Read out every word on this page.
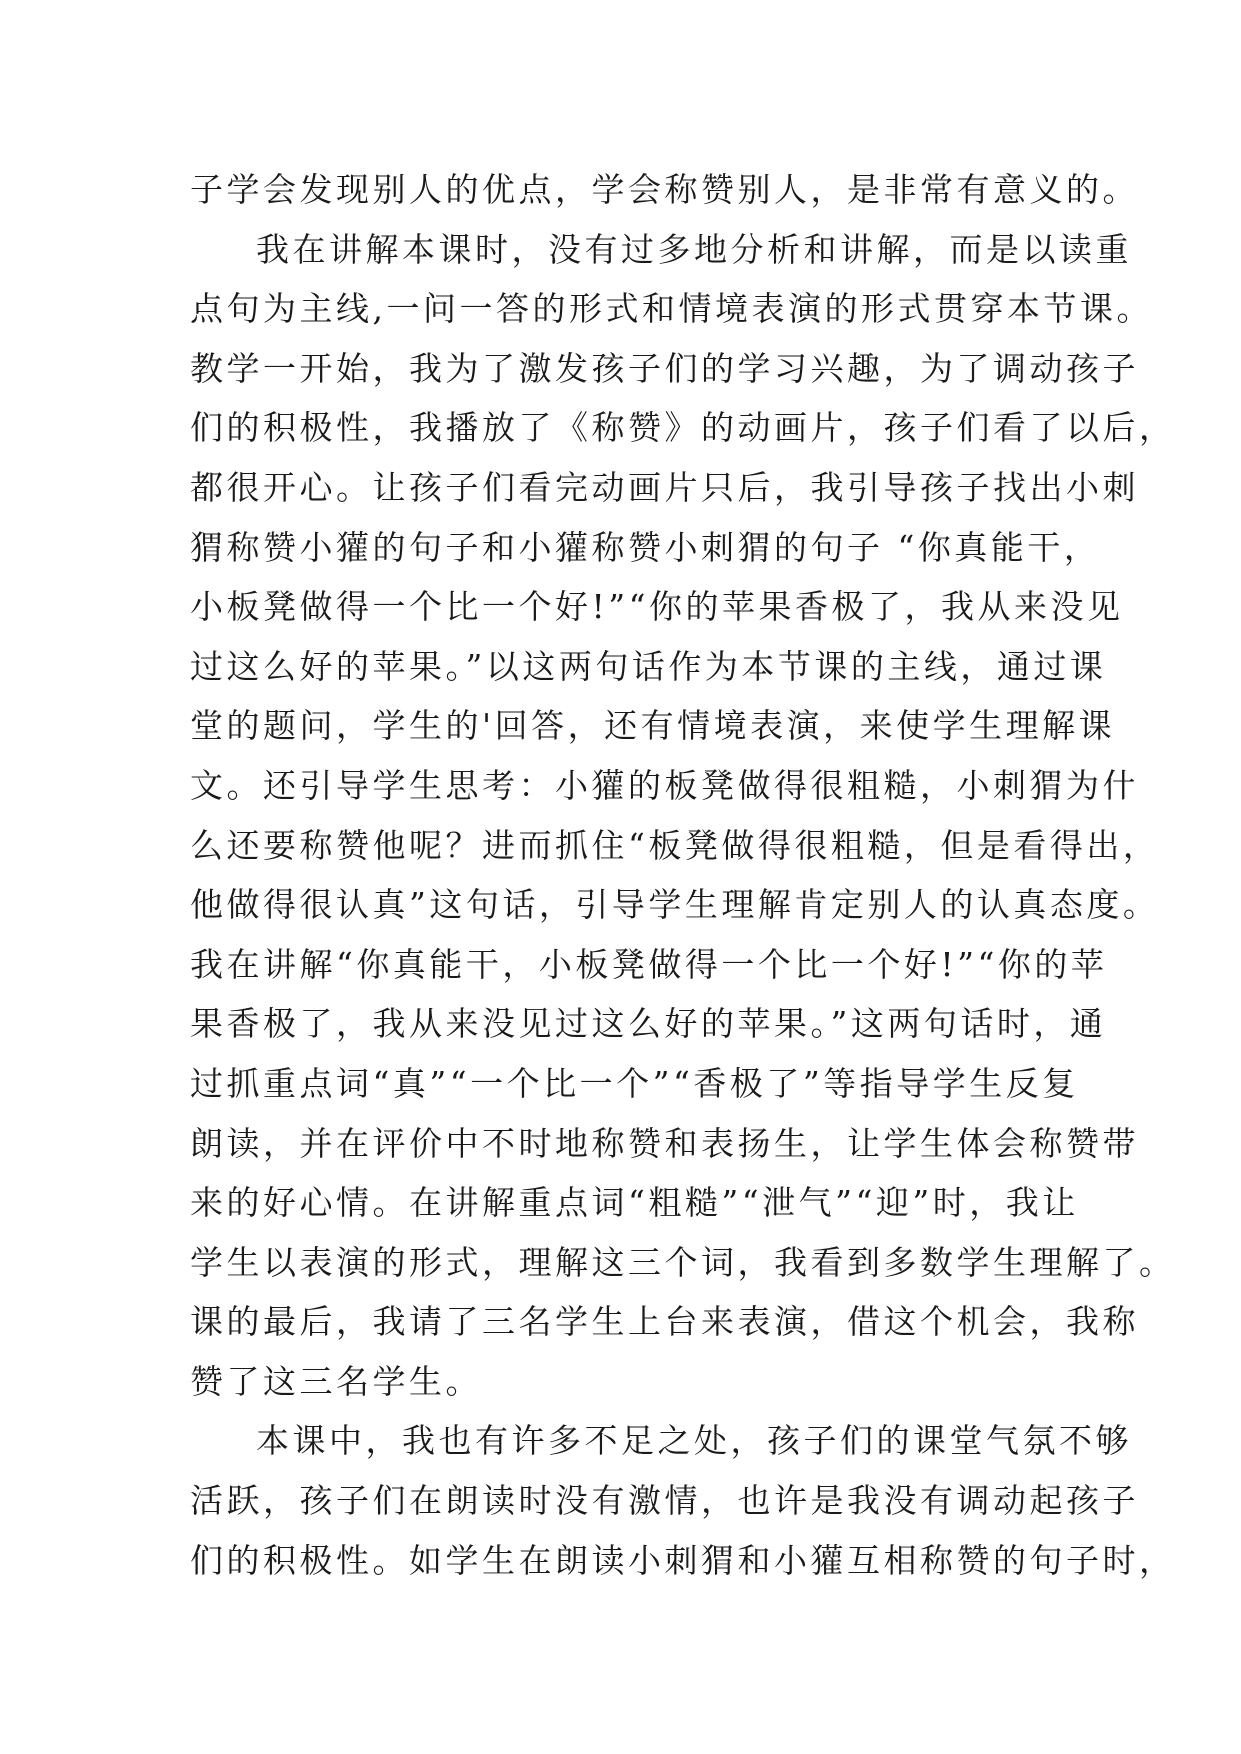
子学会发现别人的优点，学会称赞别人，是非常有意义的。
我在讲解本课时，没有过多地分析和讲解，而是以读重
点句为主线,一问一答的形式和情境表演的形式贯穿本节课。
教学一开始，我为了激发孩子们的学习兴趣，为了调动孩子
们的积极性，我播放了《称赞》的动画片，孩子们看了以后，
都很开心。让孩子们看完动画片只后，我引导孩子找出小刺
猬称赞小獾的句子和小獾称赞小刺猬的句子 “你真能干，
小板凳做得一个比一个好!”“你的苹果香极了，我从来没见
过这么好的苹果。”以这两句话作为本节课的主线，通过课
堂的题问，学生的'回答，还有情境表演，来使学生理解课
文。还引导学生思考：小獾的板凳做得很粗糙，小刺猬为什
么还要称赞他呢？进而抓住“板凳做得很粗糙，但是看得出，
他做得很认真”这句话，引导学生理解肯定别人的认真态度。
我在讲解“你真能干，小板凳做得一个比一个好!”“你的苹
果香极了，我从来没见过这么好的苹果。”这两句话时，通
过抓重点词“真”“一个比一个”“香极了”等指导学生反复
朗读，并在评价中不时地称赞和表扬生，让学生体会称赞带
来的好心情。在讲解重点词“粗糙”“泄气”“迎”时，我让
学生以表演的形式，理解这三个词，我看到多数学生理解了。
课的最后，我请了三名学生上台来表演，借这个机会，我称
赞了这三名学生。
本课中，我也有许多不足之处，孩子们的课堂气氛不够
活跃，孩子们在朗读时没有激情，也许是我没有调动起孩子
们的积极性。如学生在朗读小刺猬和小獾互相称赞的句子时，
